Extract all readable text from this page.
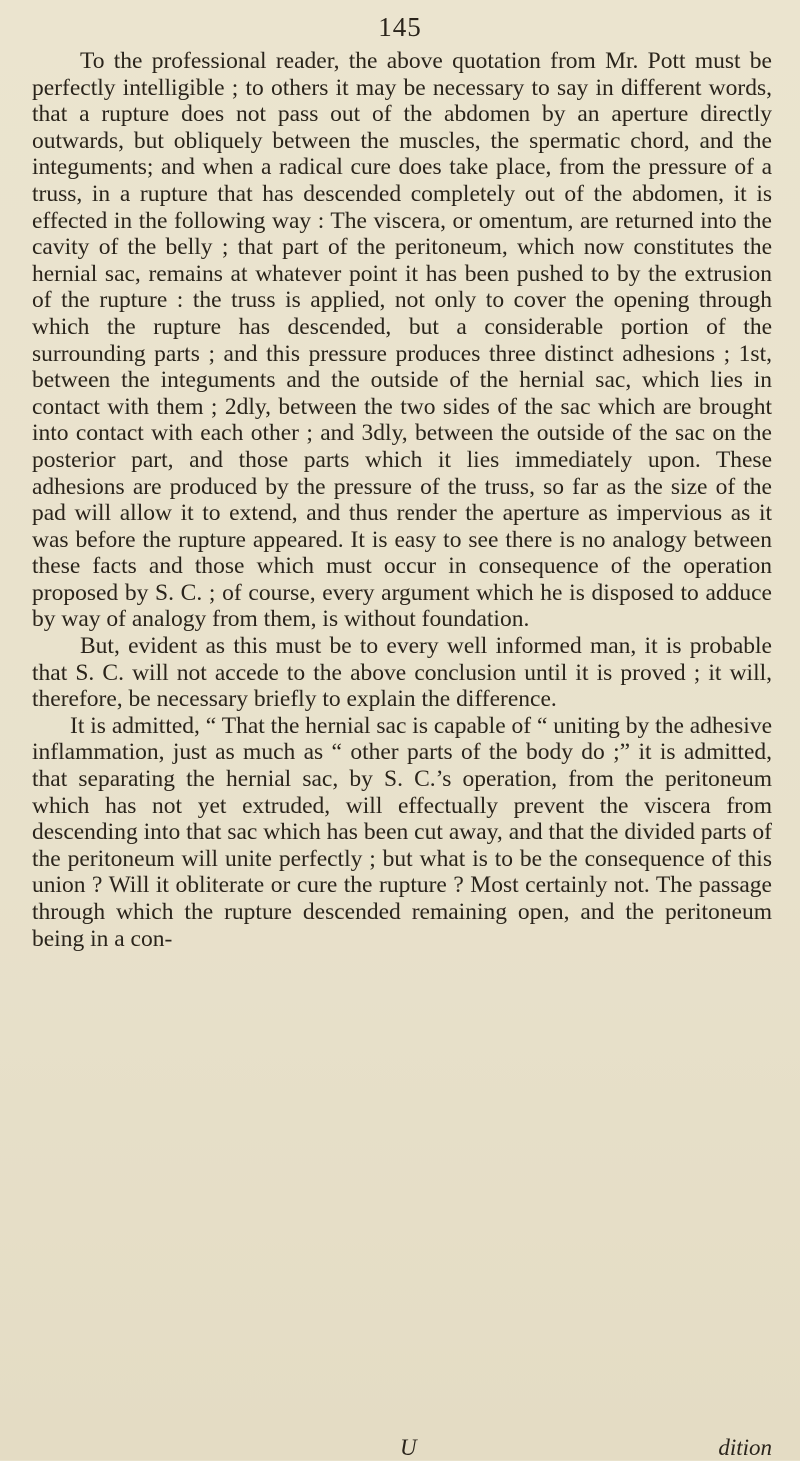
145

To the professional reader, the above quotation from Mr. Pott must be perfectly intelligible ; to others it may be necessary to say in different words, that a rupture does not pass out of the abdomen by an aperture directly outwards, but obliquely between the muscles, the spermatic chord, and the integuments; and when a radical cure does take place, from the pressure of a truss, in a rupture that has descended completely out of the abdomen, it is effected in the following way : The viscera, or omentum, are returned into the cavity of the belly ; that part of the peritoneum, which now constitutes the hernial sac, remains at whatever point it has been pushed to by the extrusion of the rupture : the truss is applied, not only to cover the opening through which the rupture has descended, but a considerable portion of the surrounding parts ; and this pressure produces three distinct adhesions ; 1st, between the integuments and the outside of the hernial sac, which lies in contact with them ; 2dly, between the two sides of the sac which are brought into contact with each other ; and 3dly, between the outside of the sac on the posterior part, and those parts which it lies immediately upon. These adhesions are produced by the pressure of the truss, so far as the size of the pad will allow it to extend, and thus render the aperture as impervious as it was before the rupture appeared. It is easy to see there is no analogy between these facts and those which must occur in consequence of the operation proposed by S. C. ; of course, every argument which he is disposed to adduce by way of analogy from them, is without foundation.

But, evident as this must be to every well informed man, it is probable that S. C. will not accede to the above conclusion until it is proved ; it will, therefore, be necessary briefly to explain the difference.

It is admitted, “ That the hernial sac is capable of “ uniting by the adhesive inflammation, just as much as “ other parts of the body do ;” it is admitted, that separating the hernial sac, by S. C.’s operation, from the peritoneum which has not yet extruded, will effectually prevent the viscera from descending into that sac which has been cut away, and that the divided parts of the peritoneum will unite perfectly ; but what is to be the consequence of this union ? Will it obliterate or cure the rupture ? Most certainly not. The passage through which the rupture descended remaining open, and the peritoneum being in a con-

U	dition
